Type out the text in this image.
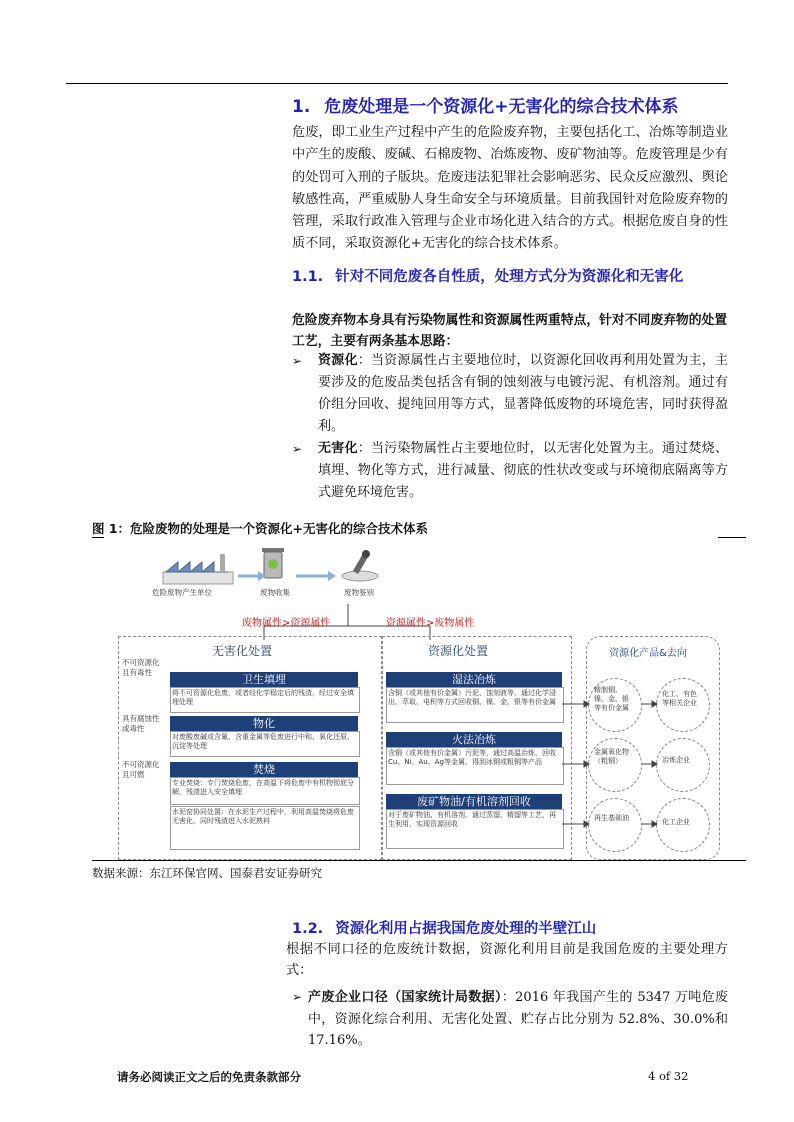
1. 危废处理是一个资源化+无害化的综合技术体系
危废，即工业生产过程中产生的危险废弃物，主要包括化工、冶炼等制造业中产生的废酸、废碱、石棉废物、冶炼废物、废矿物油等。危废管理是少有的处罚可入刑的子版块。危废违法犯罪社会影响恶劣、民众反应激烈、舆论敏感性高，严重威胁人身生命安全与环境质量。目前我国针对危险废弃物的管理，采取行政准入管理与企业市场化进入结合的方式。根据危废自身的性质不同，采取资源化+无害化的综合技术体系。
1.1. 针对不同危废各自性质，处理方式分为资源化和无害化
危险废弃物本身具有污染物属性和资源属性两重特点，针对不同废弃物的处置工艺，主要有两条基本思路：
➢ 资源化：当资源属性占主要地位时，以资源化回收再利用处置为主，主要涉及的危废品类包括含有铜的蚀刻液与电镀污泥、有机溶剂。通过有价组分回收、提纯回用等方式，显著降低废物的环境危害，同时获得盈利。
➢ 无害化：当污染物属性占主要地位时，以无害化处置为主。通过焚烧、填埋、物化等方式，进行减量、彻底的性状改变或与环境彻底隔离等方式避免环境危害。
图 1：危险废物的处理是一个资源化+无害化的综合技术体系
危险废物产生单位	废物收集	废物鉴别
废物属性>资源属性	资源属性>废物属性
无害化处置
不可资源化且有毒性
具有腐蚀性或毒性
不可资源化且可燃
卫生填埋
将不可资源化危废，或者经化学稳定后的残渣，经过安全填埋处理
物化
对废酸废碱或含氰、含重金属等危废进行中和、氧化还原、沉淀等处理
焚烧
专业焚烧：专门焚烧危废，在高温下将危废中有机物彻底分解，残渣进入安全填埋
水泥窑协同处置：在水泥生产过程中，利用高温焚烧将危废无害化，同时残渣进入水泥熟料
资源化处置
湿法冶炼
含铜（或其他有价金属）污泥、蚀刻液等，通过化学浸出、萃取、电积等方式回收铜、镍、金、银等有价金属
火法冶炼
含铜（或其他有价金属）污泥等，通过高温冶炼，回收Cu、Ni、Au、Ag等金属，得到冰铜或粗铜等产品
废矿物油/有机溶剂回收
对于废矿物油、有机溶剂，通过蒸馏、精馏等工艺，再生利用，实现资源回收
资源化产品&去向
精制铜、镍、金、银等有价金属
金属氧化物（粗铜）
再生基础油
化工、有色等相关企业
冶炼企业
化工企业
数据来源：东江环保官网、国泰君安证券研究
1.2. 资源化利用占据我国危废处理的半壁江山
根据不同口径的危废统计数据，资源化利用目前是我国危废的主要处理方式：
➢ 产废企业口径（国家统计局数据）：2016 年我国产生的 5347 万吨危废中，资源化综合利用、无害化处置、贮存占比分别为 52.8%、30.0%和 17.16%。
请务必阅读正文之后的免责条款部分	4 of 32
